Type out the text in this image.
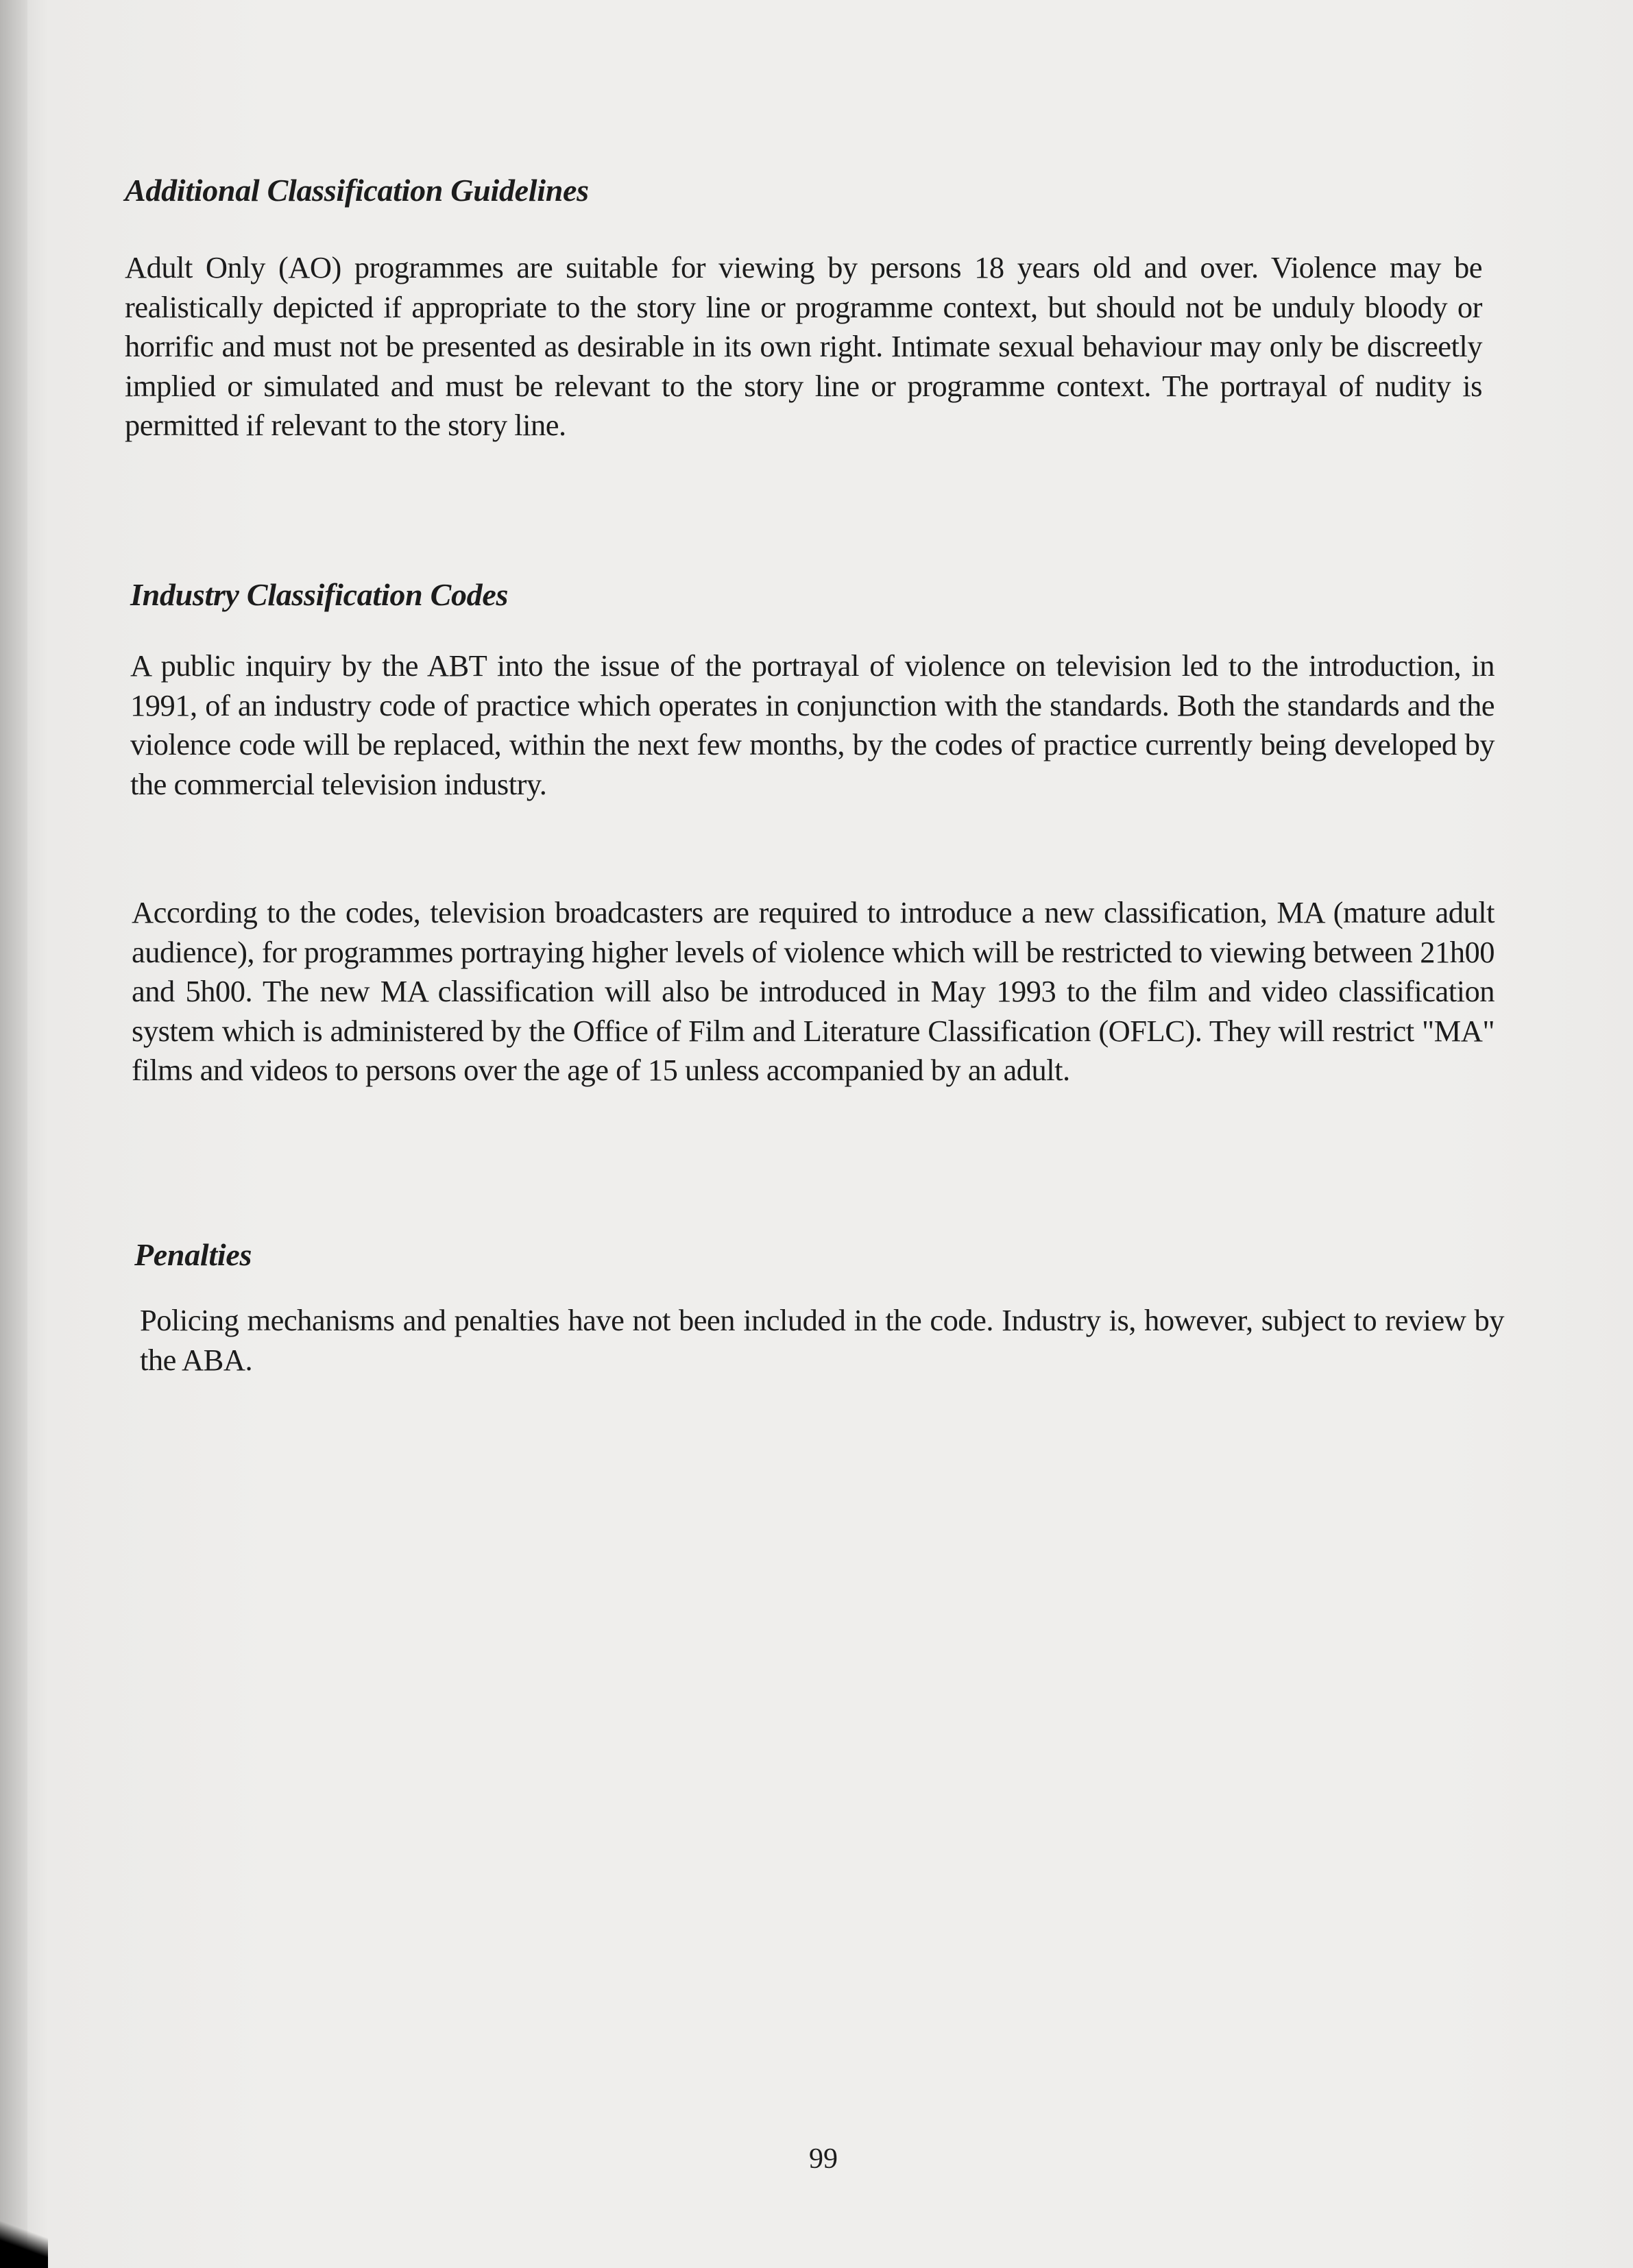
Additional Classification Guidelines

Adult Only (AO) programmes are suitable for viewing by persons 18 years old and over. Violence may be realistically depicted if appropriate to the story line or programme context, but should not be unduly bloody or horrific and must not be presented as desirable in its own right. Intimate sexual behaviour may only be discreetly implied or simulated and must be relevant to the story line or programme context. The portrayal of nudity is permitted if relevant to the story line.

Industry Classification Codes

A public inquiry by the ABT into the issue of the portrayal of violence on television led to the introduction, in 1991, of an industry code of practice which operates in conjunction with the standards. Both the standards and the violence code will be replaced, within the next few months, by the codes of practice currently being developed by the commercial television industry.

According to the codes, television broadcasters are required to introduce a new classification, MA (mature adult audience), for programmes portraying higher levels of violence which will be restricted to viewing between 21h00 and 5h00. The new MA classification will also be introduced in May 1993 to the film and video classification system which is administered by the Office of Film and Literature Classification (OFLC). They will restrict "MA" films and videos to persons over the age of 15 unless accompanied by an adult.

Penalties

Policing mechanisms and penalties have not been included in the code. Industry is, however, subject to review by the ABA.

99
